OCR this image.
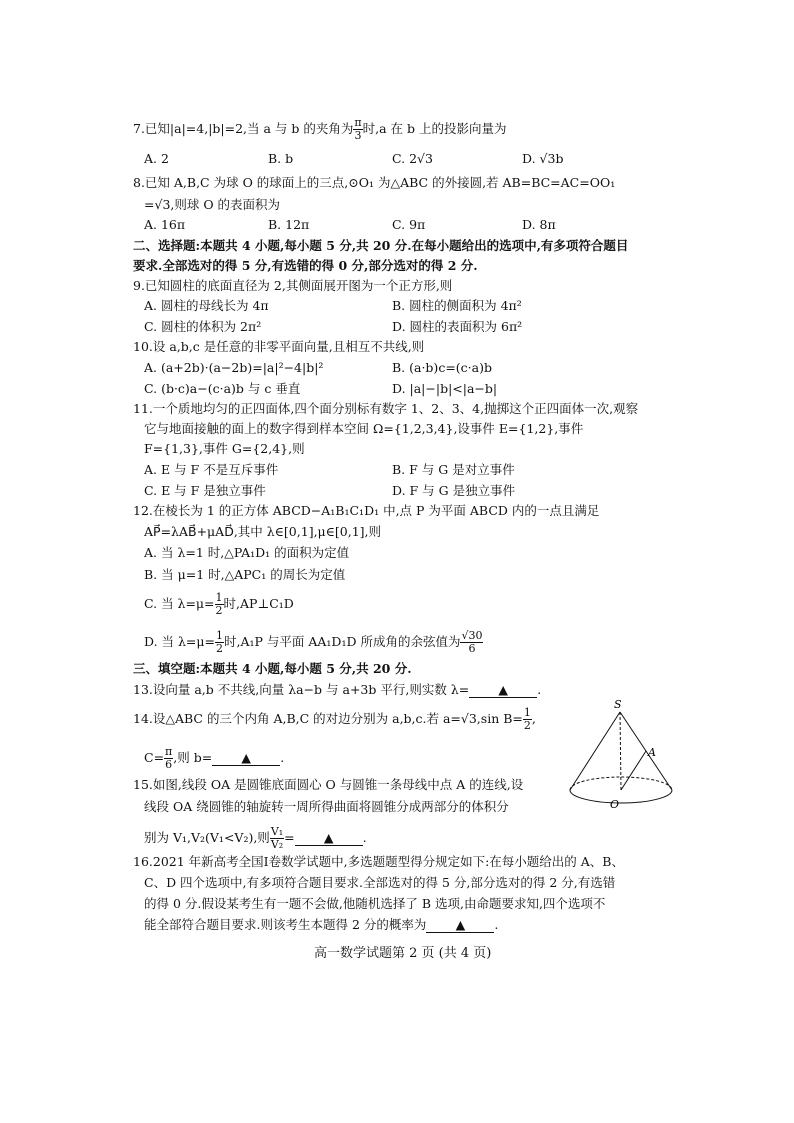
7.已知|a|=4,|b|=2,当 a 与 b 的夹角为 $\frac{\pi}{3}$ 时,a 在 b 上的投影向量为
A. 2	B. b	C. 2√3	D. √3b
8.已知 A,B,C 为球 O 的球面上的三点,⊙O₁ 为△ABC 的外接圆,若 AB=BC=AC=OO₁
=√3,则球 O 的表面积为
A. 16π	B. 12π	C. 9π	D. 8π
二、选择题:本题共 4 小题,每小题 5 分,共 20 分.在每小题给出的选项中,有多项符合题目
要求.全部选对的得 5 分,有选错的得 0 分,部分选对的得 2 分.
9.已知圆柱的底面直径为 2,其侧面展开图为一个正方形,则
A. 圆柱的母线长为 4π	B. 圆柱的侧面积为 4π²
C. 圆柱的体积为 2π²	D. 圆柱的表面积为 6π²
10.设 a,b,c 是任意的非零平面向量,且相互不共线,则
A. (a+2b)·(a−2b)=|a|²−4|b|²	B. (a·b)c=(c·a)b
C. (b·c)a−(c·a)b 与 c 垂直	D. |a|−|b|<|a−b|
11.一个质地均匀的正四面体,四个面分别标有数字 1、2、3、4,抛掷这个正四面体一次,观察
它与地面接触的面上的数字得到样本空间 Ω={1,2,3,4},设事件 E={1,2},事件
F={1,3},事件 G={2,4},则
A. E 与 F 不是互斥事件	B. F 与 G 是对立事件
C. E 与 F 是独立事件	D. F 与 G 是独立事件
12.在棱长为 1 的正方体 ABCD−A₁B₁C₁D₁ 中,点 P 为平面 ABCD 内的一点且满足
AP⃗=λAB⃗+μAD⃗,其中 λ∈[0,1],μ∈[0,1],则
A. 当 λ=1 时,△PA₁D₁ 的面积为定值
B. 当 μ=1 时,△APC₁ 的周长为定值
C. 当 $\lambda=\mu= \frac{1}{2}$ 时,AP⊥C₁D
D. 当 $\lambda=\mu= \frac{1}{2}$ 时,A₁P 与平面 AA₁D₁D 所成角的余弦值为 $\frac{√30}{6}$
三、填空题:本题共 4 小题,每小题 5 分,共 20 分.
13.设向量 a,b 不共线,向量 λa−b 与 a+3b 平行,则实数 λ= ▲ .
14.设△ABC 的三个内角 A,B,C 的对边分别为 a,b,c.若 a=√3,sin $B= \frac{1}{2}$ ,
$C= \frac{\pi}{6}$ ,则 b= ▲ .
15.如图,线段 OA 是圆锥底面圆心 O 与圆锥一条母线中点 A 的连线,设
线段 OA 绕圆锥的轴旋转一周所得曲面将圆锥分成两部分的体积分
别为 V₁,V₂(V₁<V₂),则 $\frac{\text{V₁}}{\text{V₂}}$ = ▲ .
S
A
O
16.2021 年新高考全国Ⅰ卷数学试题中,多选题题型得分规定如下:在每小题给出的 A、B、
C、D 四个选项中,有多项符合题目要求.全部选对的得 5 分,部分选对的得 2 分,有选错
的得 0 分.假设某考生有一题不会做,他随机选择了 B 选项,由命题要求知,四个选项不
能全部符合题目要求.则该考生本题得 2 分的概率为 ▲ .
高一数学试题第 2 页 (共 4 页)
